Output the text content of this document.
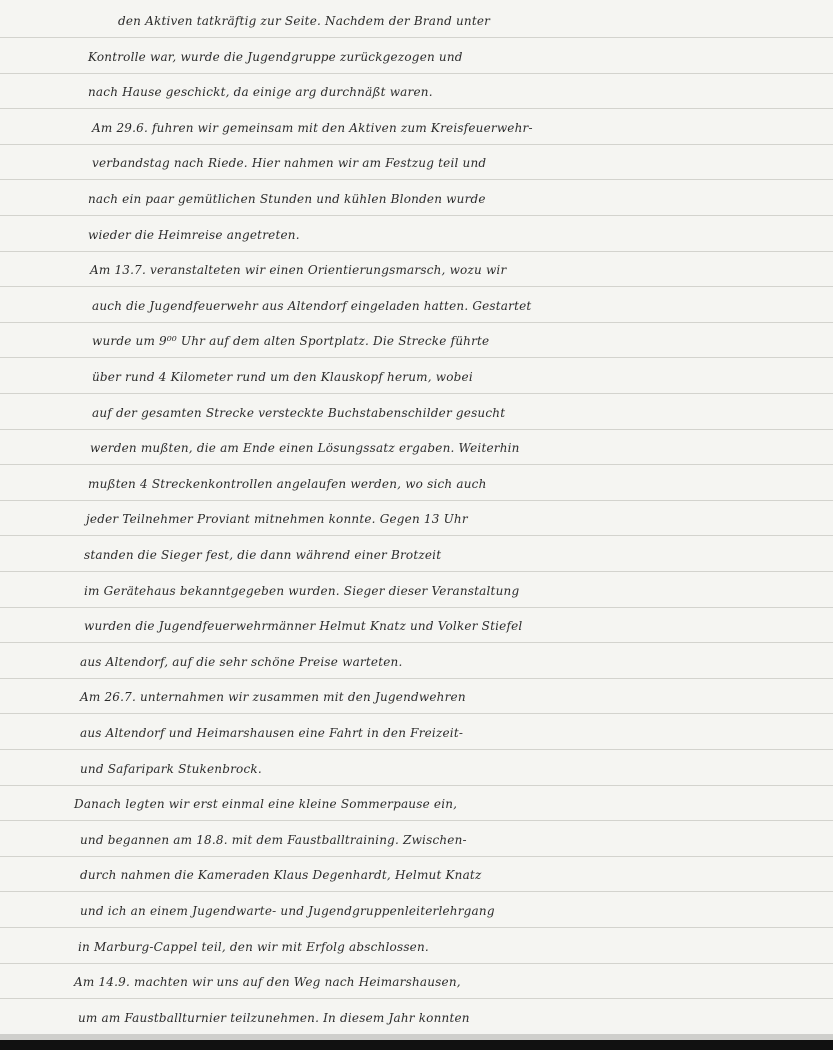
den Aktiven tatkräftig zur Seite. Nachdem der Brand unter
Kontrolle war, wurde die Jugendgruppe zurückgezogen und
nach Hause geschickt, da einige arg durchnäßt waren.
Am 29.6. fuhren wir gemeinsam mit den Aktiven zum Kreisfeuerwehr-
verbandstag nach Riede. Hier nahmen wir am Festzug teil und
nach ein paar gemütlichen Stunden und kühlen Blonden wurde
wieder die Heimreise angetreten.
Am 13.7. veranstalteten wir einen Orientierungsmarsch, wozu wir
auch die Jugendfeuerwehr aus Altendorf eingeladen hatten. Gestartet
wurde um 9⁰⁰ Uhr auf dem alten Sportplatz. Die Strecke führte
über rund 4 Kilometer rund um den Klauskopf herum, wobei
auf der gesamten Strecke versteckte Buchstabenschilder gesucht
werden mußten, die am Ende einen Lösungssatz ergaben. Weiterhin
mußten 4 Streckenkontrollen angelaufen werden, wo sich auch
jeder Teilnehmer Proviant mitnehmen konnte. Gegen 13 Uhr
standen die Sieger fest, die dann während einer Brotzeit
im Gerätehaus bekanntgegeben wurden. Sieger dieser Veranstaltung
wurden die Jugendfeuerwehrmänner Helmut Knatz und Volker Stiefel
aus Altendorf, auf die sehr schöne Preise warteten.
Am 26.7. unternahmen wir zusammen mit den Jugendwehren
aus Altendorf und Heimarshausen eine Fahrt in den Freizeit-
und Safaripark Stukenbrock.
Danach legten wir erst einmal eine kleine Sommerpause ein,
und begannen am 18.8. mit dem Faustballtraining. Zwischen-
durch nahmen die Kameraden Klaus Degenhardt, Helmut Knatz
und ich an einem Jugendwarte- und Jugendgruppenleiterlehrgang
in Marburg-Cappel teil, den wir mit Erfolg abschlossen.
Am 14.9. machten wir uns auf den Weg nach Heimarshausen,
um am Faustballturnier teilzunehmen. In diesem Jahr konnten
